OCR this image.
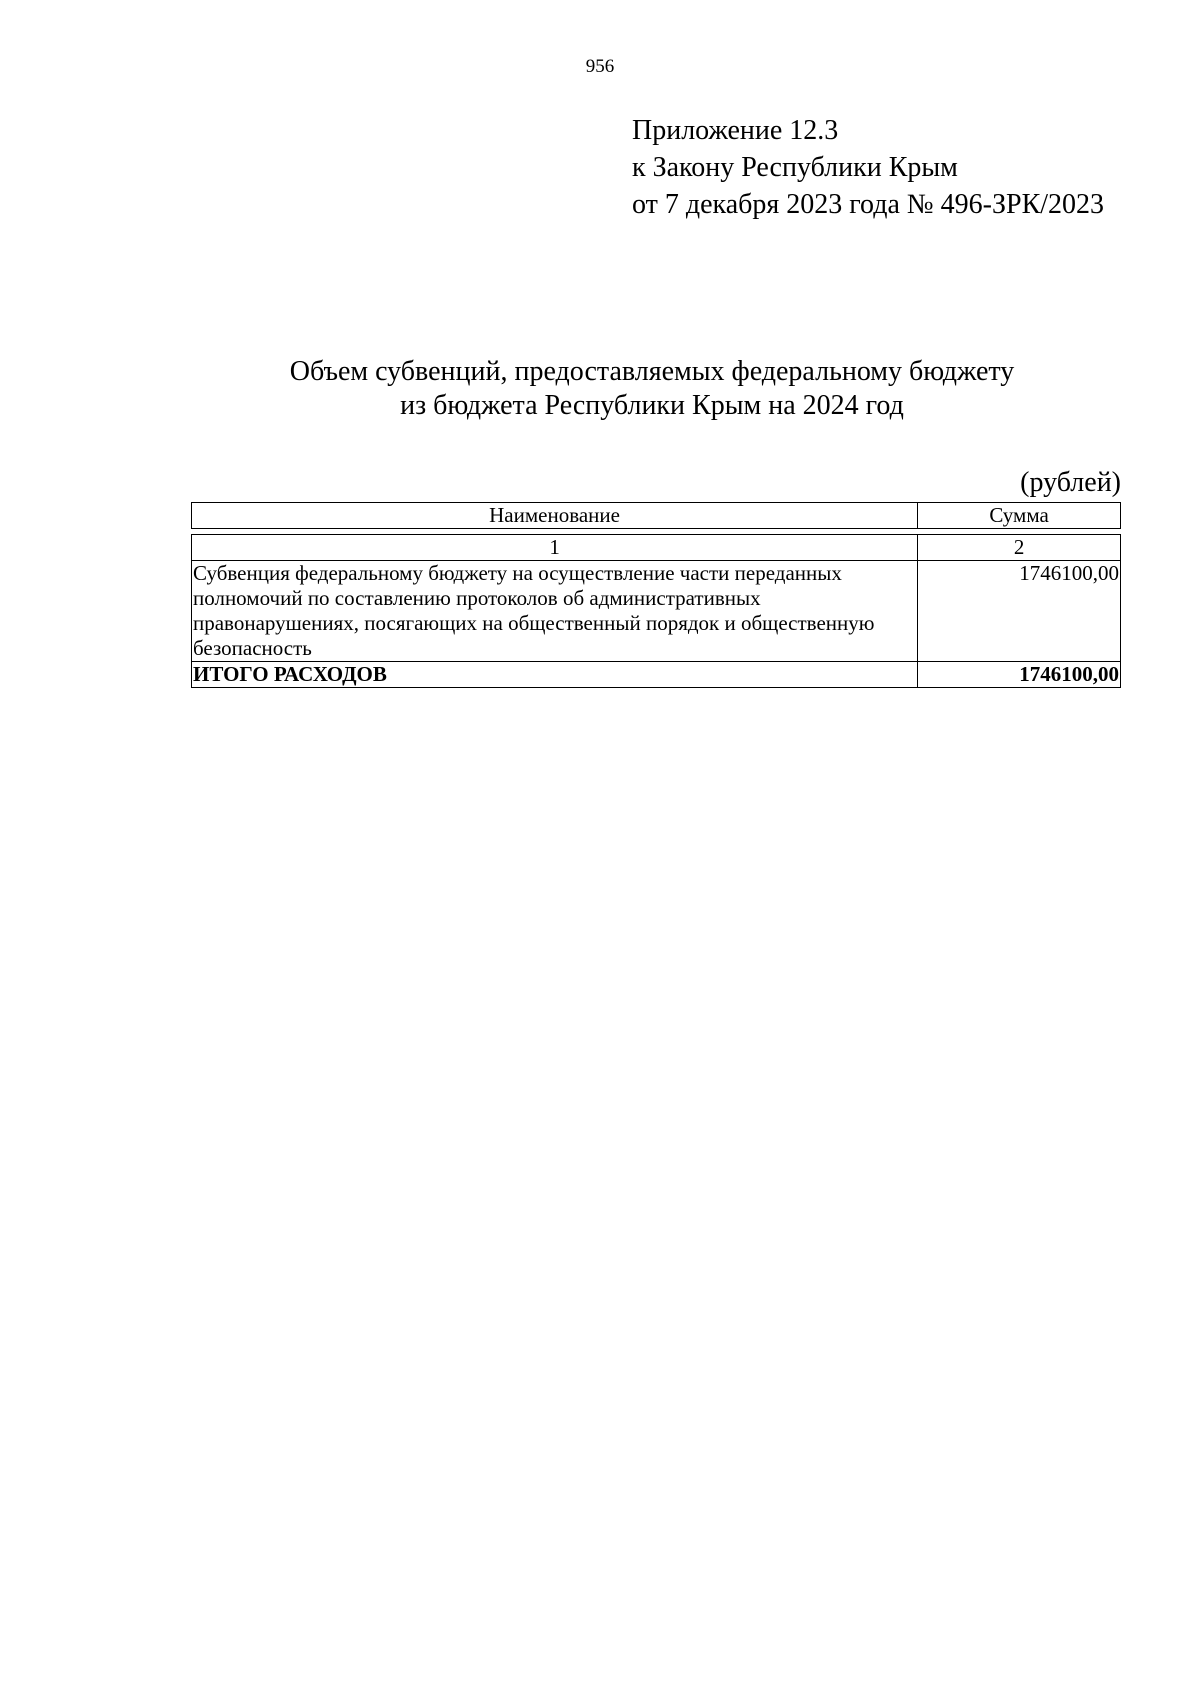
956
Приложение 12.3
к Закону Республики Крым
от 7 декабря 2023 года № 496-ЗРК/2023
Объем субвенций, предоставляемых федеральному бюджету
из бюджета Республики Крым на 2024 год
(рублей)
Наименование	Сумма

1	2
Субвенция федеральному бюджету на осуществление части переданных полномочий по составлению протоколов об административных правонарушениях, посягающих на общественный порядок и общественную безопасность	1746100,00
ИТОГО РАСХОДОВ	1746100,00
